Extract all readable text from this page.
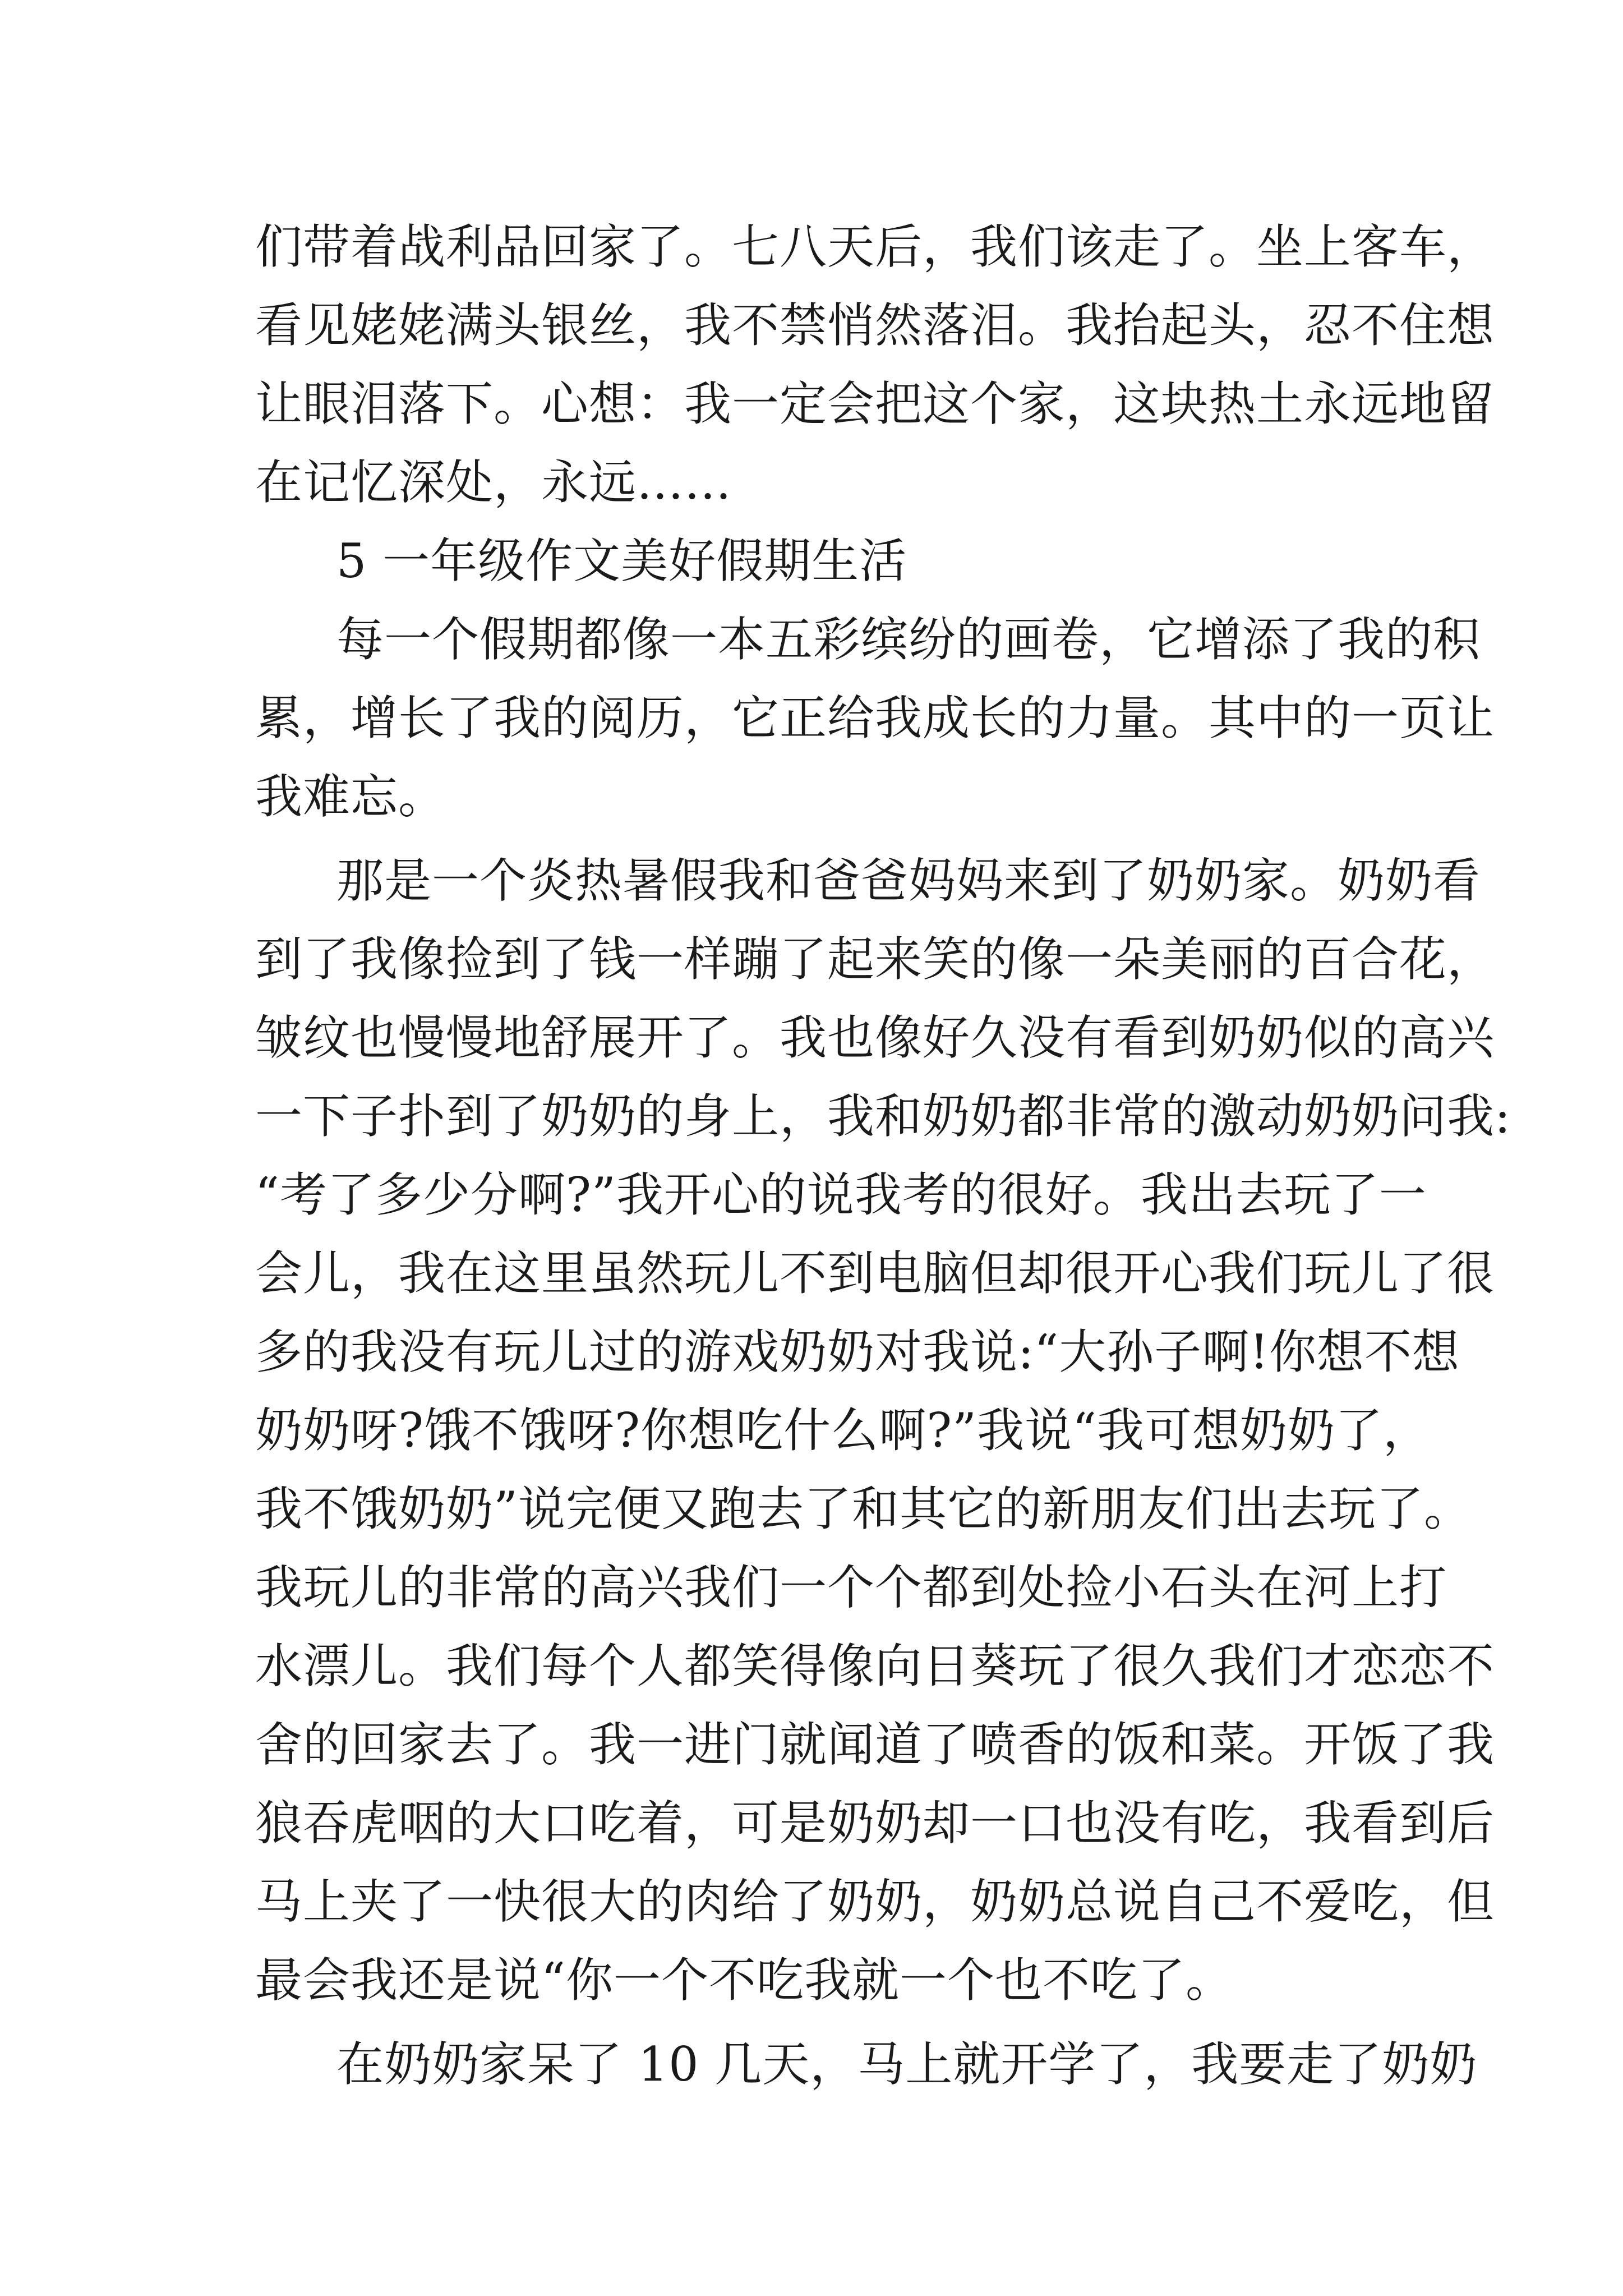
们带着战利品回家了。七八天后，我们该走了。坐上客车，
看见姥姥满头银丝，我不禁悄然落泪。我抬起头，忍不住想
让眼泪落下。心想：我一定会把这个家，这块热土永远地留
在记忆深处，永远……
5 一年级作文美好假期生活
每一个假期都像一本五彩缤纷的画卷，它增添了我的积
累，增长了我的阅历，它正给我成长的力量。其中的一页让
我难忘。
那是一个炎热暑假我和爸爸妈妈来到了奶奶家。奶奶看
到了我像捡到了钱一样蹦了起来笑的像一朵美丽的百合花，
皱纹也慢慢地舒展开了。我也像好久没有看到奶奶似的高兴
一下子扑到了奶奶的身上，我和奶奶都非常的激动奶奶问我:
“考了多少分啊?”我开心的说我考的很好。我出去玩了一
会儿，我在这里虽然玩儿不到电脑但却很开心我们玩儿了很
多的我没有玩儿过的游戏奶奶对我说:“大孙子啊!你想不想
奶奶呀?饿不饿呀?你想吃什么啊?”我说“我可想奶奶了，
我不饿奶奶”说完便又跑去了和其它的新朋友们出去玩了。
我玩儿的非常的高兴我们一个个都到处捡小石头在河上打
水漂儿。我们每个人都笑得像向日葵玩了很久我们才恋恋不
舍的回家去了。我一进门就闻道了喷香的饭和菜。开饭了我
狼吞虎咽的大口吃着，可是奶奶却一口也没有吃，我看到后
马上夹了一快很大的肉给了奶奶，奶奶总说自己不爱吃，但
最会我还是说“你一个不吃我就一个也不吃了。
在奶奶家呆了 10 几天，马上就开学了，我要走了奶奶
